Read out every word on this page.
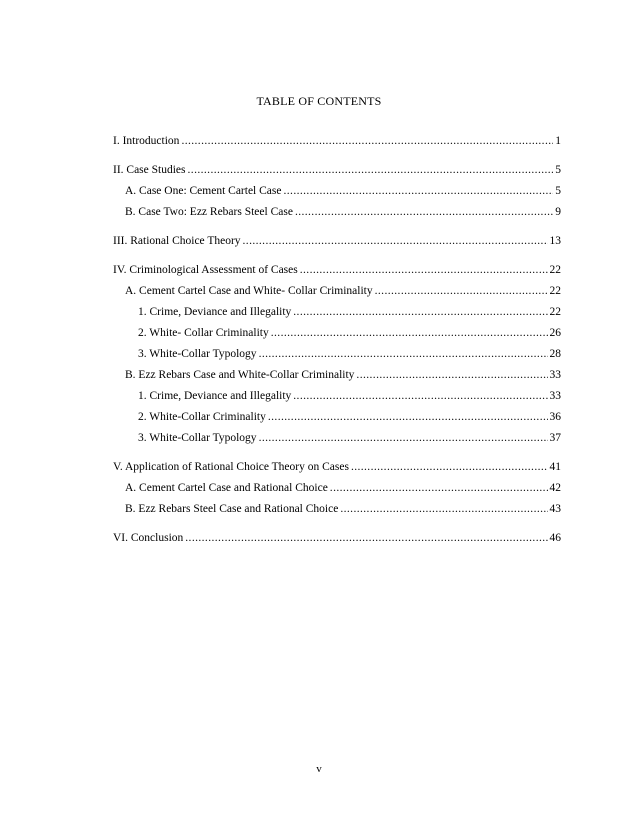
TABLE OF CONTENTS
I. Introduction .....	1
II. Case Studies .....	5
A. Case One: Cement Cartel Case .....	5
B. Case Two: Ezz Rebars Steel Case .....	9
III. Rational Choice Theory .....	13
IV. Criminological Assessment of Cases .....	22
A. Cement Cartel Case and White- Collar Criminality .....	22
1. Crime, Deviance and Illegality .....	22
2. White- Collar Criminality .....	26
3. White-Collar Typology .....	28
B. Ezz Rebars Case and White-Collar Criminality .....	33
1. Crime, Deviance and Illegality .....	33
2. White-Collar Criminality .....	36
3. White-Collar Typology .....	37
V. Application of Rational Choice Theory on Cases .....	41
A. Cement Cartel Case and Rational Choice .....	42
B. Ezz Rebars Steel Case and Rational Choice .....	43
VI. Conclusion .....	46
v
